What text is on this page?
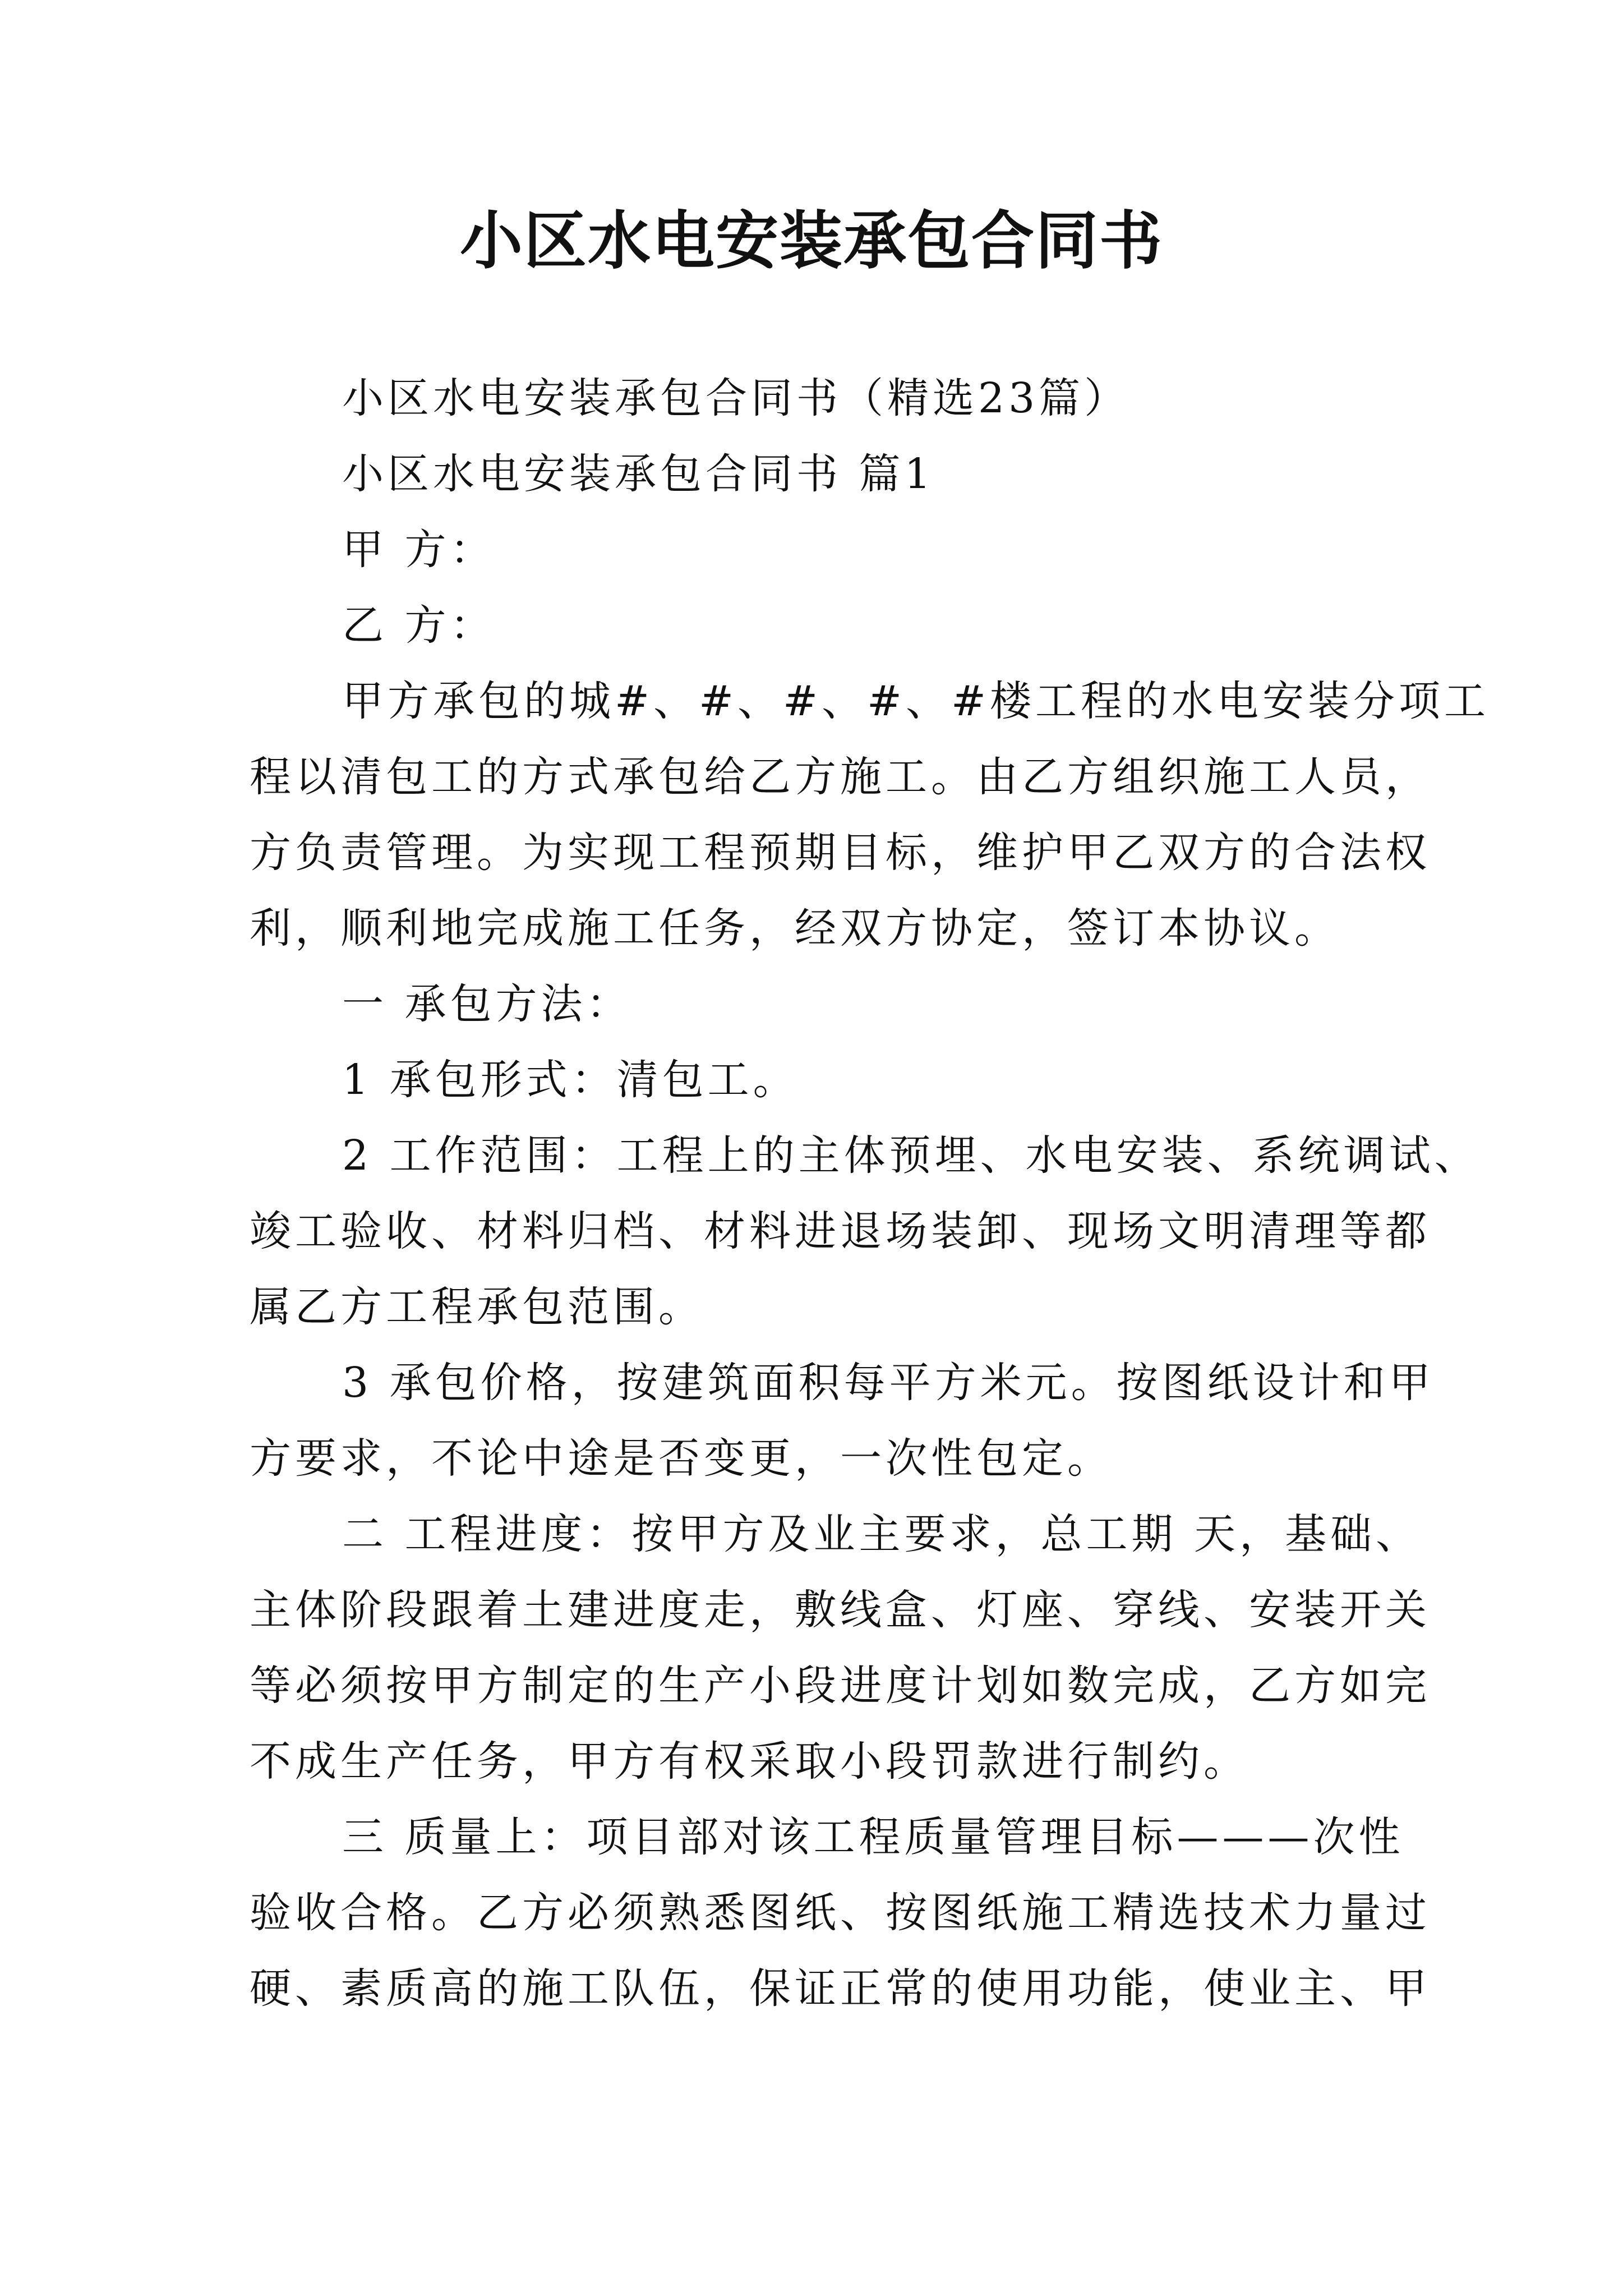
小区水电安装承包合同书
小区水电安装承包合同书（精选23篇）
小区水电安装承包合同书 篇1
甲 方：
乙 方：
甲方承包的城#、#、#、#、#楼工程的水电安装分项工
程以清包工的方式承包给乙方施工。由乙方组织施工人员，
方负责管理。为实现工程预期目标，维护甲乙双方的合法权
利，顺利地完成施工任务，经双方协定，签订本协议。
一 承包方法：
1 承包形式：清包工。
2 工作范围：工程上的主体预埋、水电安装、系统调试、
竣工验收、材料归档、材料进退场装卸、现场文明清理等都
属乙方工程承包范围。
3 承包价格，按建筑面积每平方米元。按图纸设计和甲
方要求，不论中途是否变更，一次性包定。
二 工程进度：按甲方及业主要求，总工期 天，基础、
主体阶段跟着土建进度走，敷线盒、灯座、穿线、安装开关
等必须按甲方制定的生产小段进度计划如数完成，乙方如完
不成生产任务，甲方有权采取小段罚款进行制约。
三 质量上：项目部对该工程质量管理目标———次性
验收合格。乙方必须熟悉图纸、按图纸施工精选技术力量过
硬、素质高的施工队伍，保证正常的使用功能，使业主、甲
